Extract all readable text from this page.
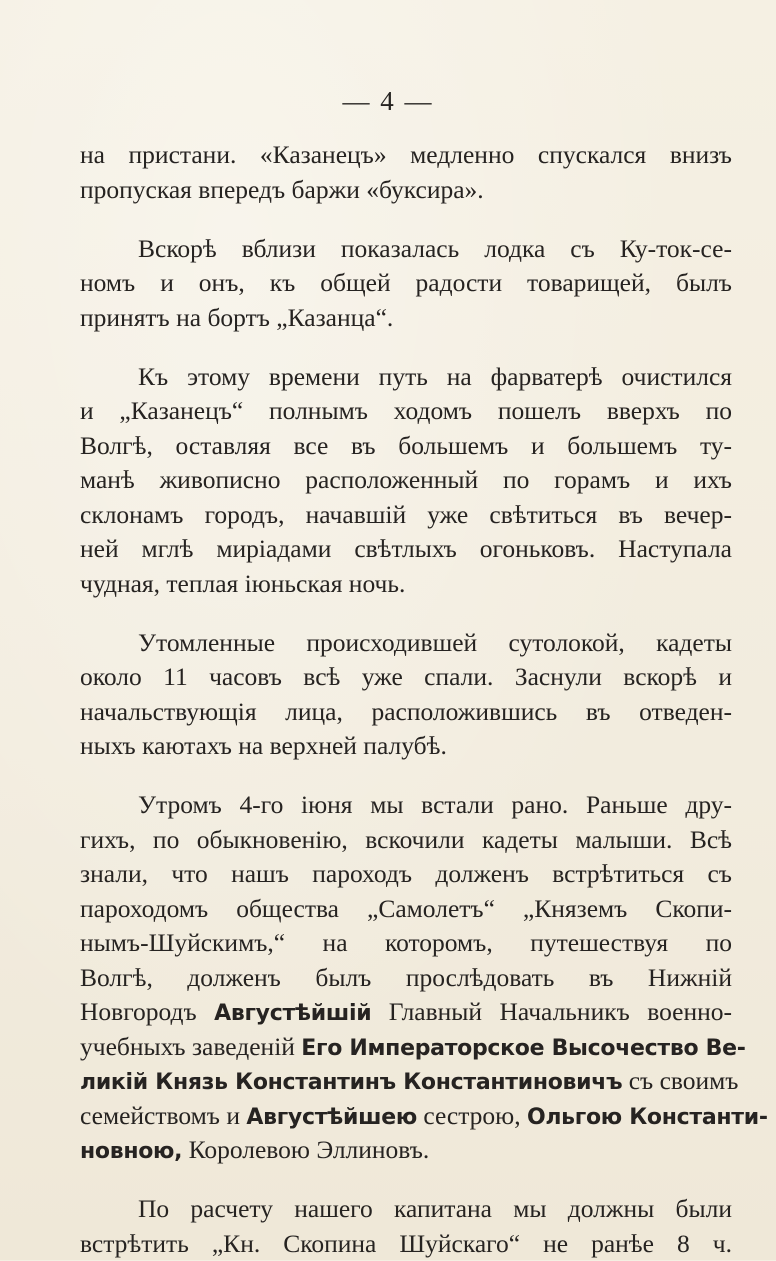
— 4 —
на пристани. «Казанецъ» медленно спускался внизъ
пропуская впередъ баржи «буксира».
Вскорѣ вблизи показалась лодка съ Ку-ток-се-
номъ и онъ, къ общей радости товарищей, былъ
принятъ на бортъ „Казанца“.
Къ этому времени путь на фарватерѣ очистился
и „Казанецъ“ полнымъ ходомъ пошелъ вверхъ по
Волгѣ, оставляя все въ большемъ и большемъ ту-
манѣ живописно расположенный по горамъ и ихъ
склонамъ городъ, начавшій уже свѣтиться въ вечер-
ней мглѣ миріадами свѣтлыхъ огоньковъ. Наступала
чудная, теплая іюньская ночь.
Утомленные происходившей сутолокой, кадеты
около 11 часовъ всѣ уже спали. Заснули вскорѣ и
начальствующія лица, расположившись въ отведен-
ныхъ каютахъ на верхней палубѣ.
Утромъ 4-го іюня мы встали рано. Раньше дру-
гихъ, по обыкновенію, вскочили кадеты малыши. Всѣ
знали, что нашъ пароходъ долженъ встрѣтиться съ
пароходомъ общества „Самолетъ“ „Княземъ Скопи-
нымъ-Шуйскимъ,“ на которомъ, путешествуя по
Волгѣ, долженъ былъ прослѣдовать въ Нижній
Новгородъ Августѣйшій Главный Начальникъ военно-
учебныхъ заведеній Его Императорское Высочество Ве-
ликій Князь Константинъ Константиновичъ съ своимъ
семействомъ и Августѣйшею сестрою, Ольгою Константи-
новною, Королевою Эллиновъ.
По расчету нашего капитана мы должны были
встрѣтить „Кн. Скопина Шуйскаго“ не ранѣе 8 ч.
